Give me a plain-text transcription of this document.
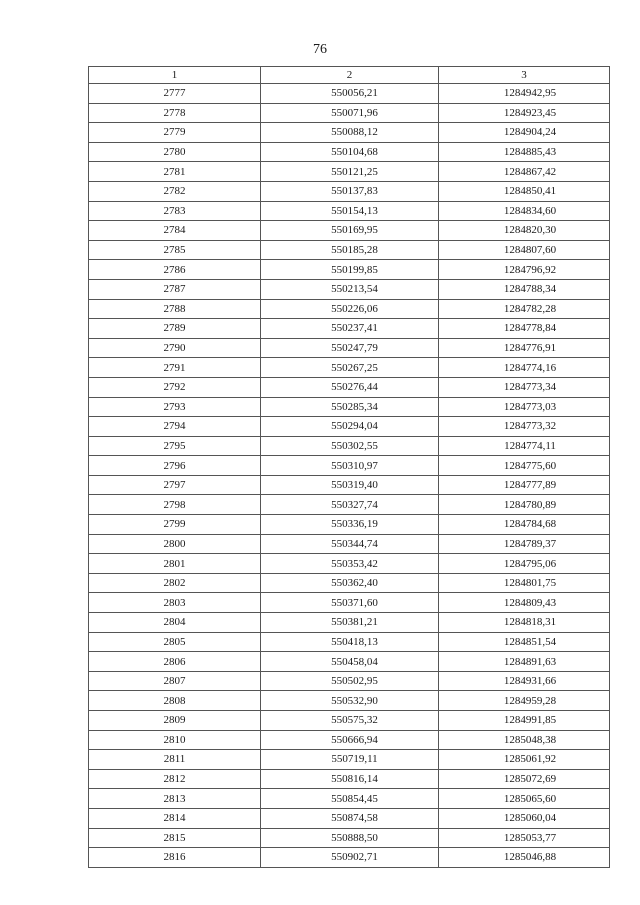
76
1	2	3
2777	550056,21	1284942,95
2778	550071,96	1284923,45
2779	550088,12	1284904,24
2780	550104,68	1284885,43
2781	550121,25	1284867,42
2782	550137,83	1284850,41
2783	550154,13	1284834,60
2784	550169,95	1284820,30
2785	550185,28	1284807,60
2786	550199,85	1284796,92
2787	550213,54	1284788,34
2788	550226,06	1284782,28
2789	550237,41	1284778,84
2790	550247,79	1284776,91
2791	550267,25	1284774,16
2792	550276,44	1284773,34
2793	550285,34	1284773,03
2794	550294,04	1284773,32
2795	550302,55	1284774,11
2796	550310,97	1284775,60
2797	550319,40	1284777,89
2798	550327,74	1284780,89
2799	550336,19	1284784,68
2800	550344,74	1284789,37
2801	550353,42	1284795,06
2802	550362,40	1284801,75
2803	550371,60	1284809,43
2804	550381,21	1284818,31
2805	550418,13	1284851,54
2806	550458,04	1284891,63
2807	550502,95	1284931,66
2808	550532,90	1284959,28
2809	550575,32	1284991,85
2810	550666,94	1285048,38
2811	550719,11	1285061,92
2812	550816,14	1285072,69
2813	550854,45	1285065,60
2814	550874,58	1285060,04
2815	550888,50	1285053,77
2816	550902,71	1285046,88
